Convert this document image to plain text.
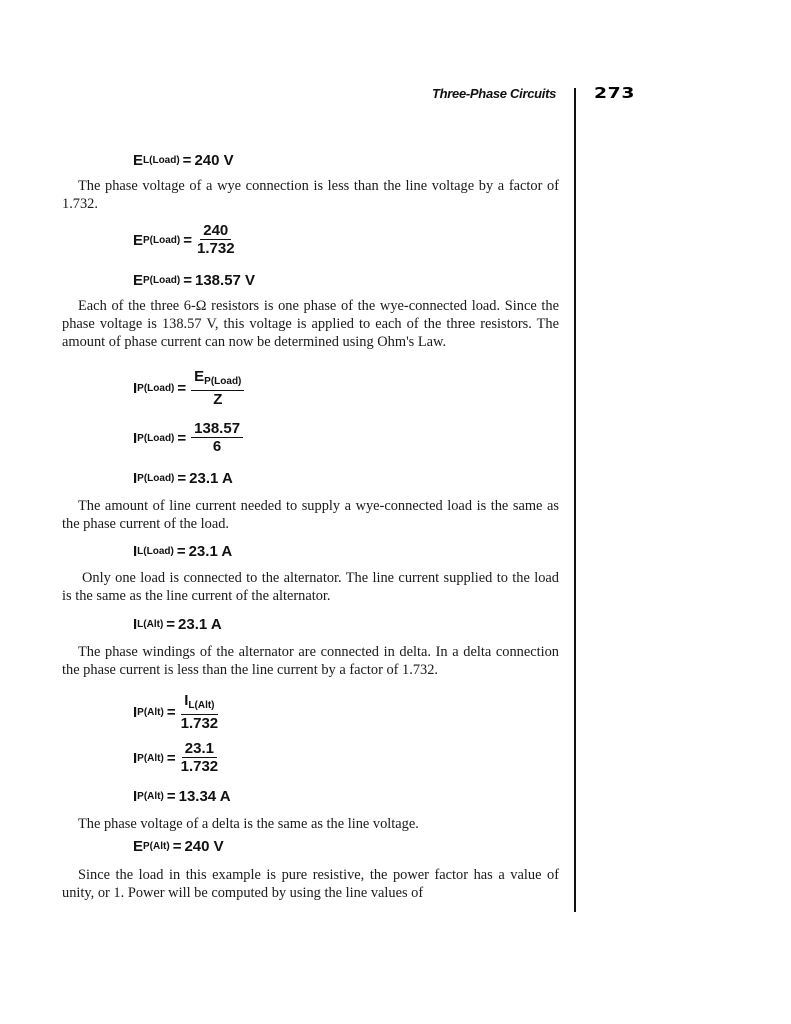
Three-Phase Circuits	273
E L(Load) = 240 V
The phase voltage of a wye connection is less than the line voltage by a factor of 1.732.
E P(Load) = $\frac{240}{1.732}$
E P(Load) = 138.57 V
Each of the three 6-Ω resistors is one phase of the wye-connected load. Since the phase voltage is 138.57 V, this voltage is applied to each of the three resistors. The amount of phase current can now be determined using Ohm's Law.
I P(Load) = $\frac{E_{P(Load)}}{Z}$
I P(Load) = $\frac{138.57}{6}$
I P(Load) = 23.1 A
The amount of line current needed to supply a wye-connected load is the same as the phase current of the load.
I L(Load) = 23.1 A
Only one load is connected to the alternator. The line current supplied to the load is the same as the line current of the alternator.
I L(Alt) = 23.1 A
The phase windings of the alternator are connected in delta. In a delta connection the phase current is less than the line current by a factor of 1.732.
I $P(Alt) = \frac{I_{L(Alt)}}{1.732}$
I $P(Alt) = \frac{23.1}{1.732}$
I P(Alt) = 13.34 A
The phase voltage of a delta is the same as the line voltage.
E P(Alt) = 240 V
Since the load in this example is pure resistive, the power factor has a value of unity, or 1. Power will be computed by using the line values of
